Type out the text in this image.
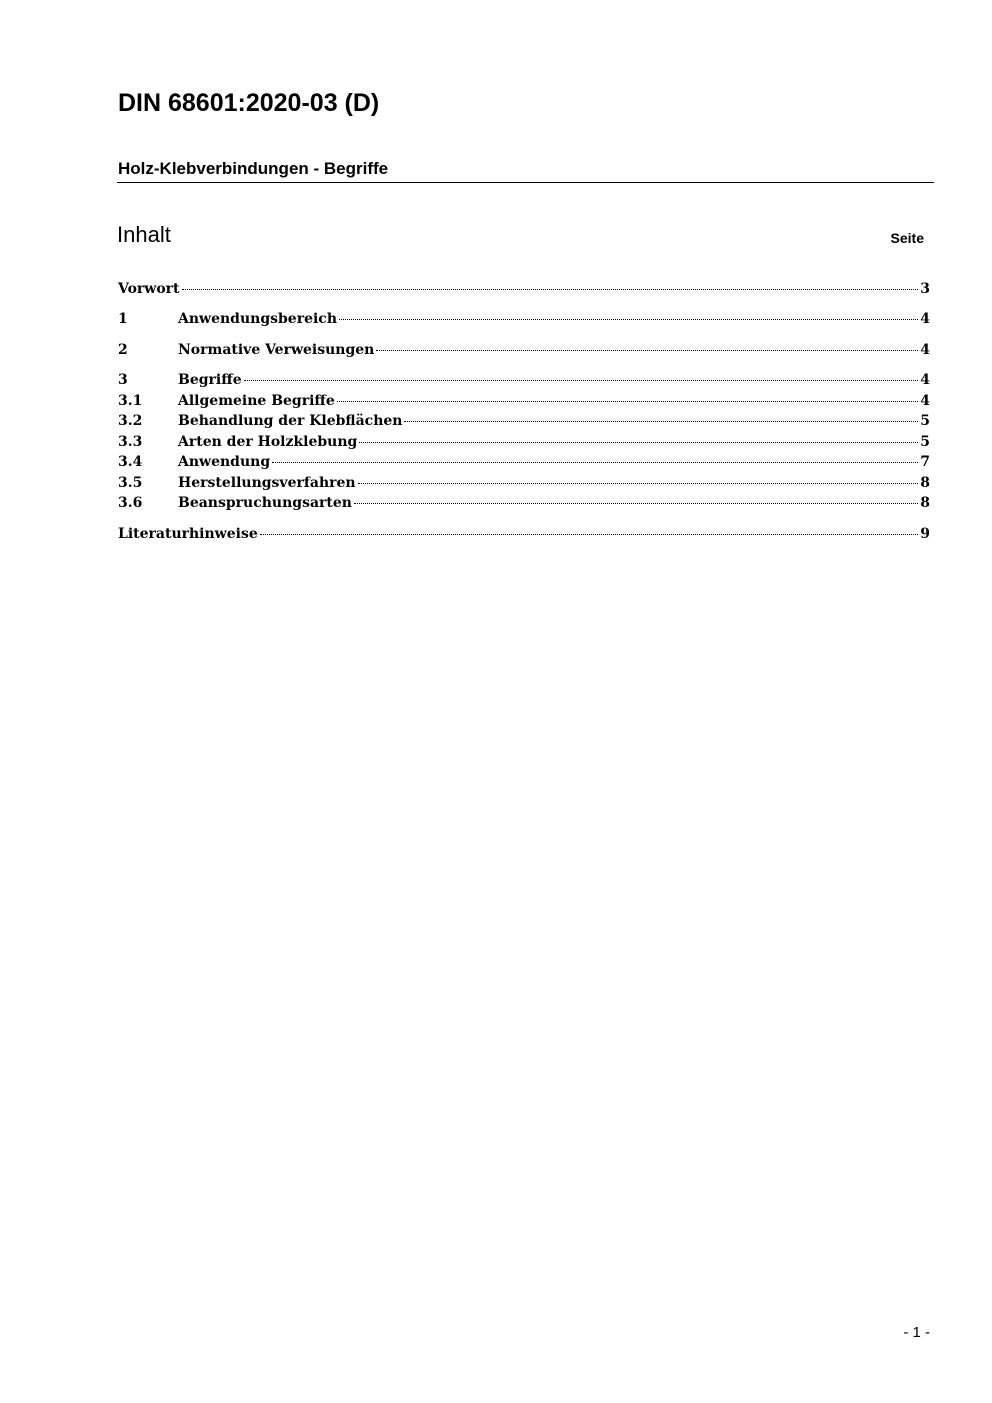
DIN 68601:2020-03 (D)
Holz-Klebverbindungen - Begriffe
Inhalt	Seite
Vorwort	3
1	Anwendungsbereich	4
2	Normative Verweisungen	4
3	Begriffe	4
3.1	Allgemeine Begriffe	4
3.2	Behandlung der Klebflächen	5
3.3	Arten der Holzklebung	5
3.4	Anwendung	7
3.5	Herstellungsverfahren	8
3.6	Beanspruchungsarten	8
Literaturhinweise	9
- 1 -
